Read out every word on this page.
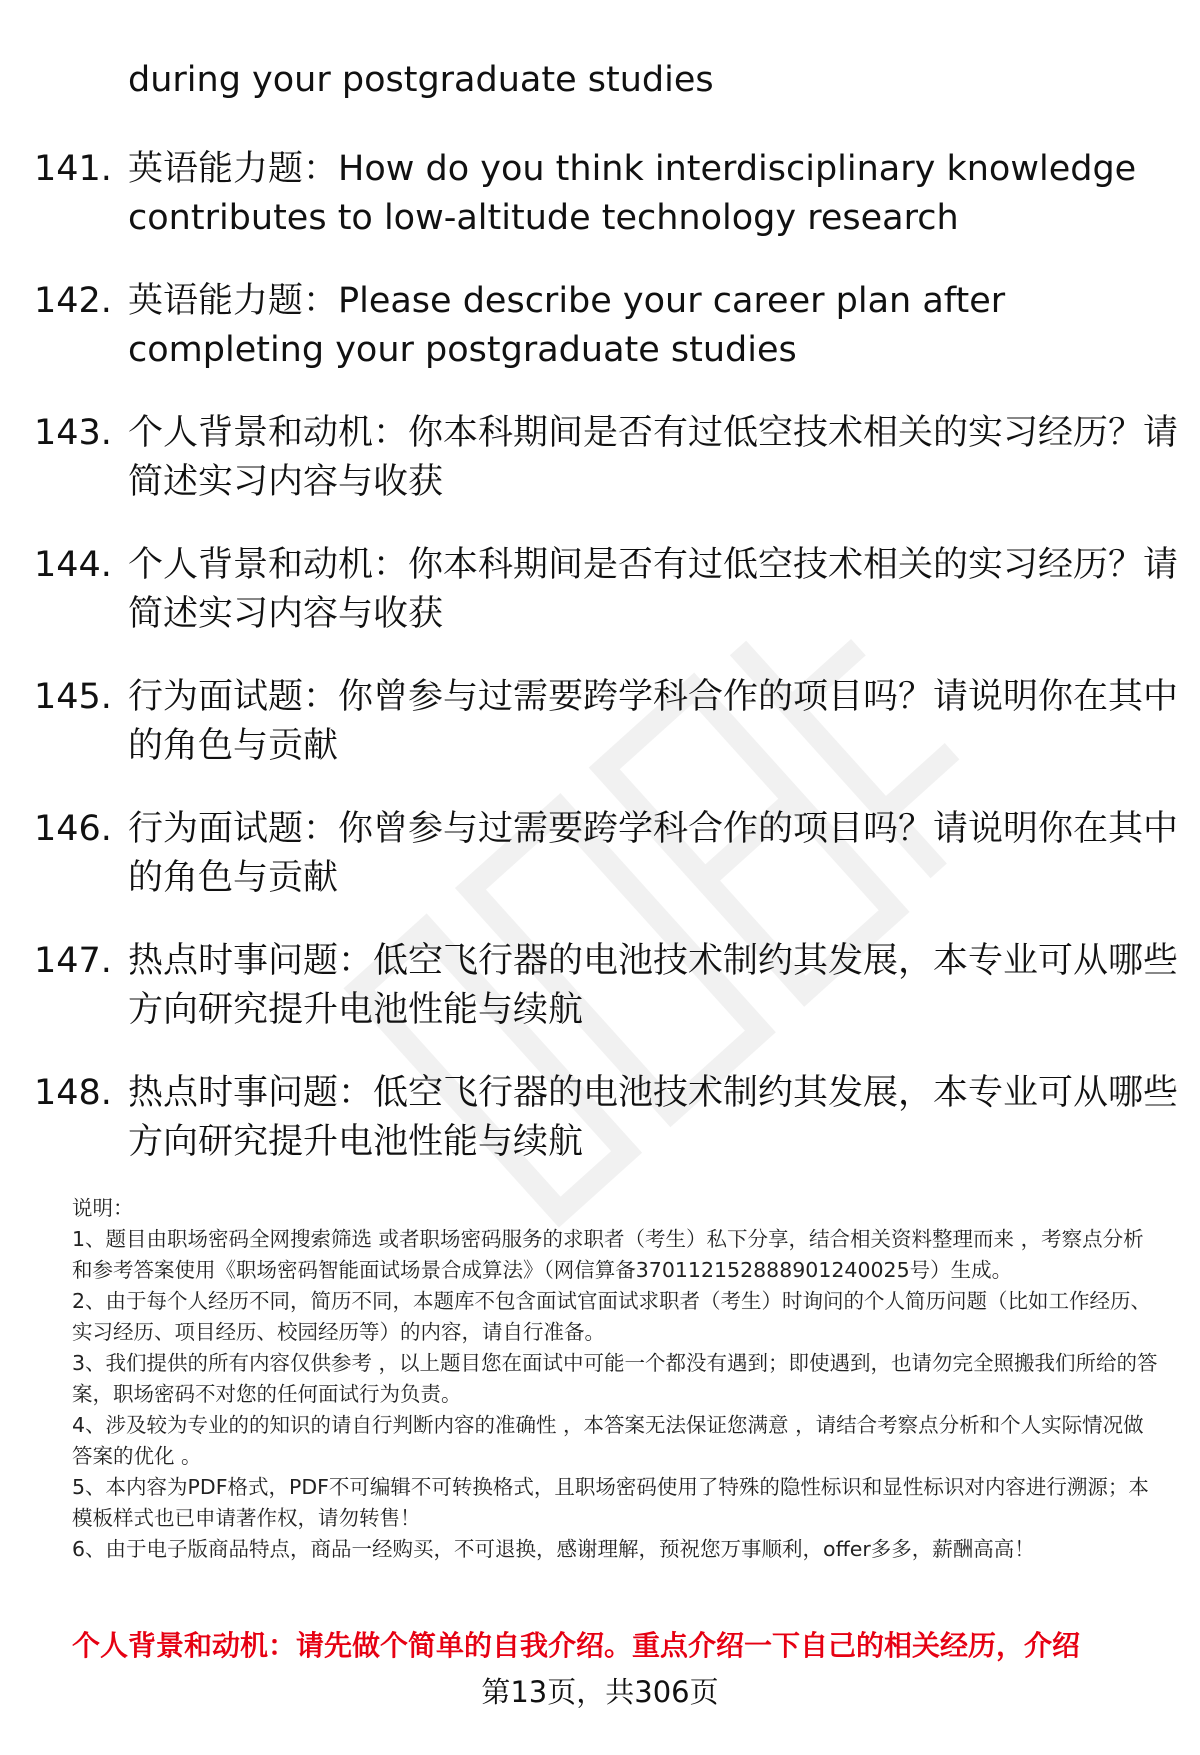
during your postgraduate studies

141. 英语能力题：How do you think interdisciplinary knowledge contributes to low-altitude technology research

142. 英语能力题：Please describe your career plan after completing your postgraduate studies

143. 个人背景和动机：你本科期间是否有过低空技术相关的实习经历？请简述实习内容与收获

144. 个人背景和动机：你本科期间是否有过低空技术相关的实习经历？请简述实习内容与收获

145. 行为面试题：你曾参与过需要跨学科合作的项目吗？请说明你在其中的角色与贡献

146. 行为面试题：你曾参与过需要跨学科合作的项目吗？请说明你在其中的角色与贡献

147. 热点时事问题：低空飞行器的电池技术制约其发展，本专业可从哪些方向研究提升电池性能与续航

148. 热点时事问题：低空飞行器的电池技术制约其发展，本专业可从哪些方向研究提升电池性能与续航

说明：

1、题目由职场密码全网搜索筛选 或者职场密码服务的求职者（考生）私下分享，结合相关资料整理而来 ，考察点分析和参考答案使用《职场密码智能面试场景合成算法》（网信算备370112152888901240025号）生成。

2、由于每个人经历不同，简历不同，本题库不包含面试官面试求职者（考生）时询问的个人简历问题（比如工作经历、实习经历、项目经历、校园经历等）的内容，请自行准备。

3、我们提供的所有内容仅供参考 ，以上题目您在面试中可能一个都没有遇到；即使遇到，也请勿完全照搬我们所给的答案，职场密码不对您的任何面试行为负责。

4、涉及较为专业的的知识的请自行判断内容的准确性 ，本答案无法保证您满意 ，请结合考察点分析和个人实际情况做答案的优化 。

5、本内容为PDF格式，PDF不可编辑不可转换格式，且职场密码使用了特殊的隐性标识和显性标识对内容进行溯源；本模板样式也已申请著作权，请勿转售！

6、由于电子版商品特点，商品一经购买，不可退换，感谢理解，预祝您万事顺利，offer多多，薪酬高高！

个人背景和动机：请先做个简单的自我介绍。重点介绍一下自己的相关经历，介绍

第13页，共306页
